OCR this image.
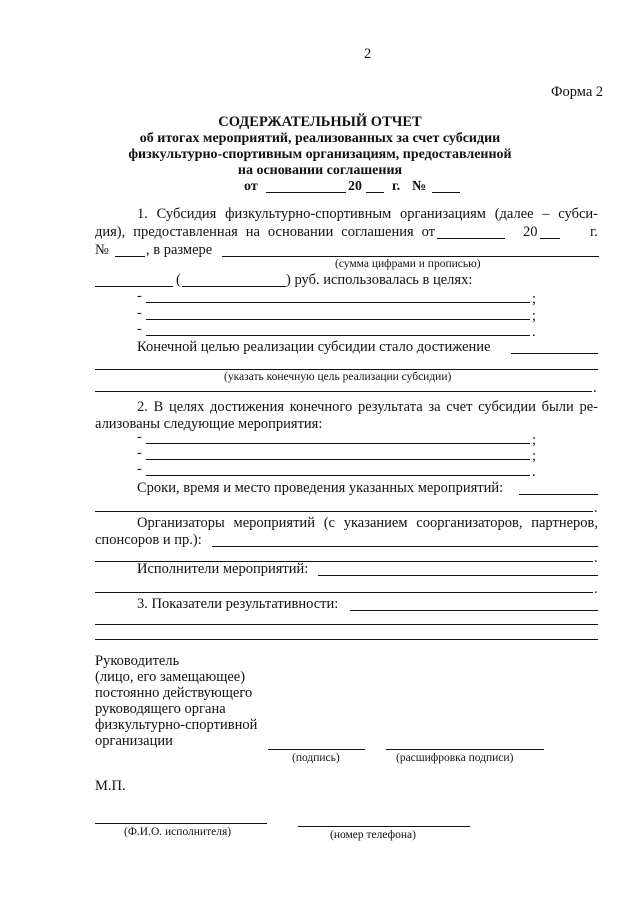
2
Форма 2
СОДЕРЖАТЕЛЬНЫЙ ОТЧЕТ
об итогах мероприятий, реализованных за счет субсидии
физкультурно-спортивным организациям, предоставленной
на основании соглашения
от	20 г. №
1. Субсидия физкультурно-спортивным организациям (далее – субси-
дия), предоставленная на основании соглашения от	20	г.
№	, в размере
(сумма цифрами и прописью)
(	) руб. использовалась в целях:
-	;
-	;
-	.
Конечной целью реализации субсидии стало достижение
(указать конечную цель реализации субсидии)
.
2. В целях достижения конечного результата за счет субсидии были ре-
ализованы следующие мероприятия:
-	;
-	;
-	.
Сроки, время и место проведения указанных мероприятий:
.
Организаторы мероприятий (с указанием соорганизаторов, партнеров,
спонсоров и пр.):
.
Исполнители мероприятий:
.
3. Показатели результативности:
Руководитель
(лицо, его замещающее)
постоянно действующего
руководящего органа
физкультурно-спортивной
организации
(подпись)	(расшифровка подписи)
М.П.
(Ф.И.О. исполнителя)	(номер телефона)
